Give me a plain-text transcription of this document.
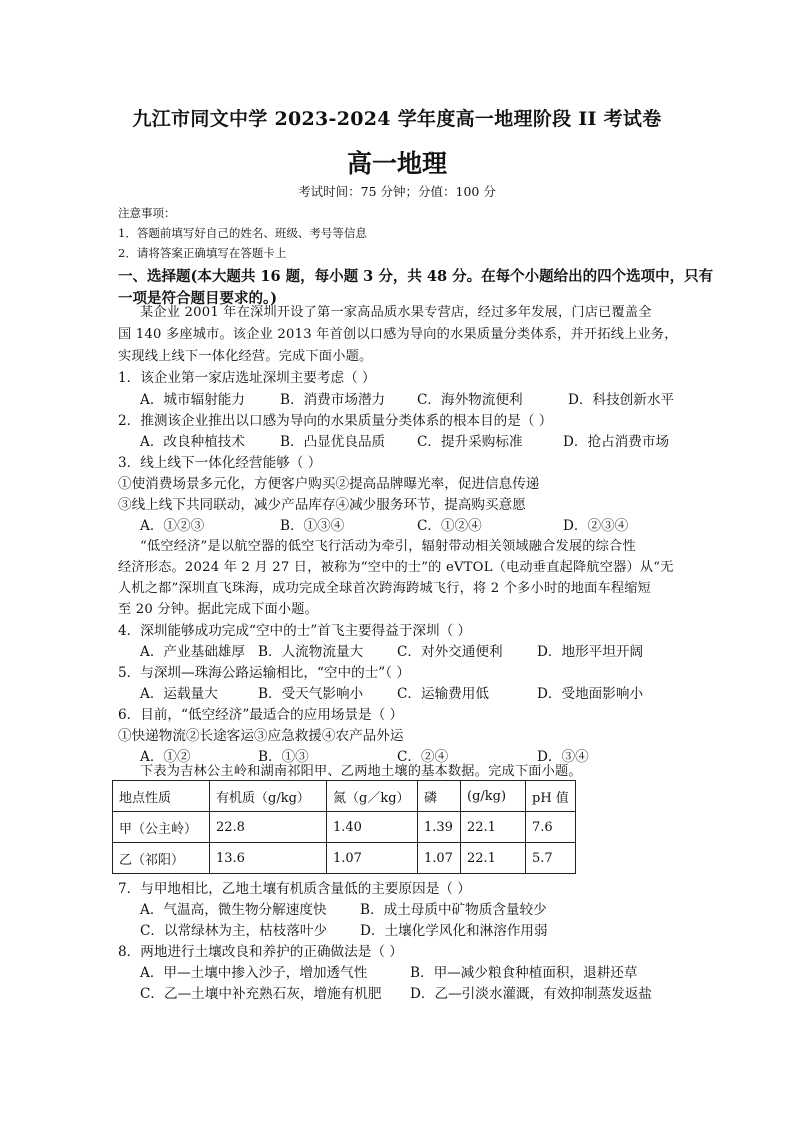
九江市同文中学 2023-2024 学年度高一地理阶段 II 考试卷
高一地理
考试时间：75 分钟；分值：100 分
注意事项：
1．答题前填写好自己的姓名、班级、考号等信息
2．请将答案正确填写在答题卡上
一、选择题(本大题共 16 题，每小题 3 分，共 48 分。在每个小题给出的四个选项中，只有
一项是符合题目要求的。)
某企业 2001 年在深圳开设了第一家高品质水果专营店，经过多年发展，门店已覆盖全
国 140 多座城市。该企业 2013 年首创以口感为导向的水果质量分类体系，并开拓线上业务，
实现线上线下一体化经营。完成下面小题。
1．该企业第一家店选址深圳主要考虑（ ）
A．城市辐射能力	B．消费市场潜力 C．海外物流便利	D．科技创新水平
2．推测该企业推出以口感为导向的水果质量分类体系的根本目的是（ ）
A．改良种植技术	B．凸显优良品质 C．提升采购标准	D．抢占消费市场
3．线上线下一体化经营能够（ ）
①使消费场景多元化，方便客户购买②提高品牌曝光率，促进信息传递
③线上线下共同联动，减少产品库存④减少服务环节，提高购买意愿
A．①②③	B．①③④	C．①②④	D．②③④
“低空经济”是以航空器的低空飞行活动为牵引，辐射带动相关领域融合发展的综合性
经济形态。2024 年 2 月 27 日，被称为“空中的士”的 eVTOL（电动垂直起降航空器）从“无
人机之都”深圳直飞珠海，成功完成全球首次跨海跨城飞行，将 2 个多小时的地面车程缩短
至 20 分钟。据此完成下面小题。
4．深圳能够成功完成“空中的士”首飞主要得益于深圳（ ）
A．产业基础雄厚 B．人流物流量大 C．对外交通便利	D．地形平坦开阔
5．与深圳—珠海公路运输相比，“空中的士”（ ）
A．运载量大	B．受天气影响小 C．运输费用低	D．受地面影响小
6．目前，“低空经济”最适合的应用场景是（ ）
①快递物流②长途客运③应急救援④农产品外运
A．①②	B．①③	C．②④	D．③④
下表为吉林公主岭和湖南祁阳甲、乙两地土壤的基本数据。完成下面小题。
地点性质	有机质（g/kg）	氮（g／kg）	磷	(g/kg)	pH 值
甲（公主岭）	22.8	1.40	1.39	22.1	7.6
乙（祁阳）	13.6	1.07	1.07	22.1	5.7
7．与甲地相比，乙地土壤有机质含量低的主要原因是（ ）
A．气温高，微生物分解速度快 B．成土母质中矿物质含量较少
C．以常绿林为主，枯枝落叶少 D．土壤化学风化和淋溶作用弱
8．两地进行土壤改良和养护的正确做法是（ ）
A．甲—土壤中掺入沙子，增加透气性	B．甲—减少粮食种植面积，退耕还草
C．乙—土壤中补充熟石灰，增施有机肥 D．乙—引淡水灌溉，有效抑制蒸发返盐
